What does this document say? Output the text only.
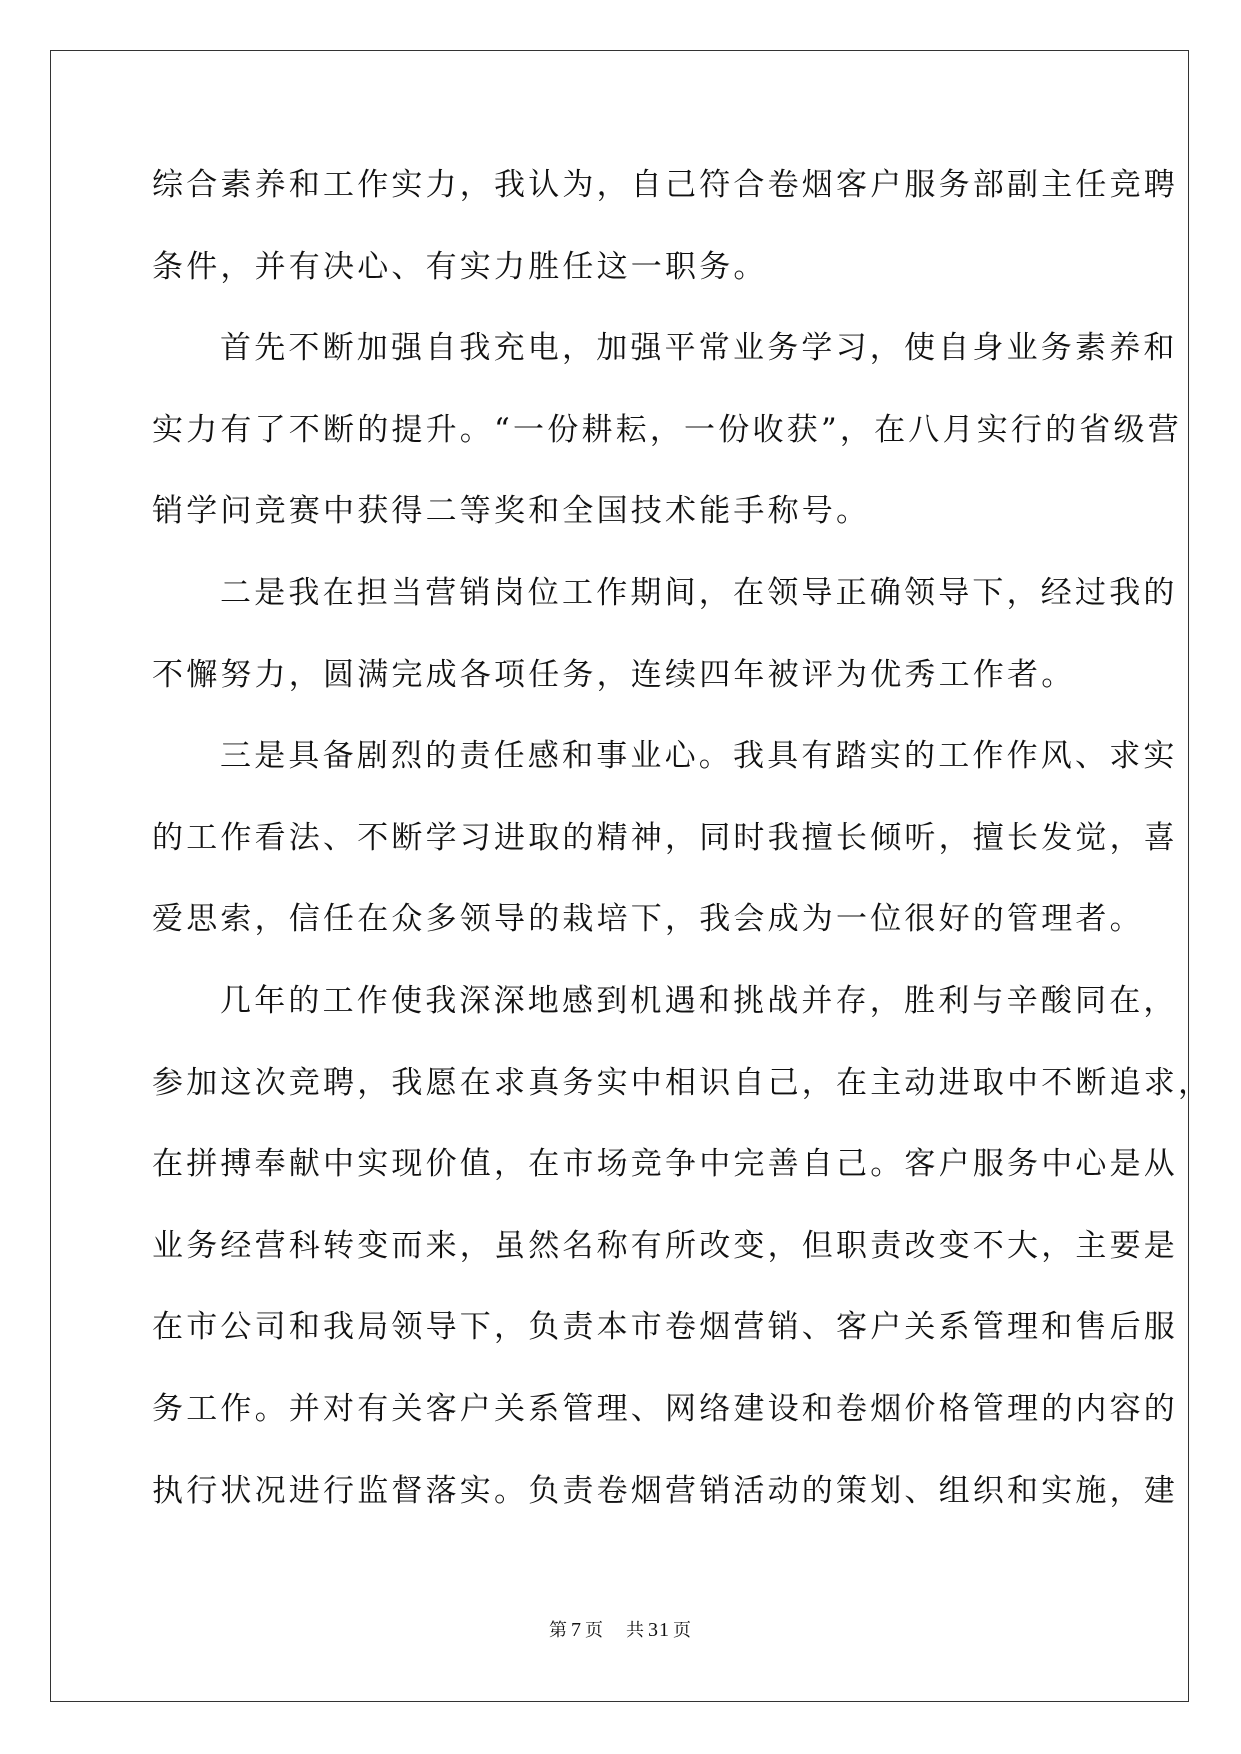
综合素养和工作实力，我认为，自己符合卷烟客户服务部副主任竞聘
条件，并有决心、有实力胜任这一职务。
首先不断加强自我充电，加强平常业务学习，使自身业务素养和
实力有了不断的提升。“一份耕耘，一份收获”，在八月实行的省级营
销学问竞赛中获得二等奖和全国技术能手称号。
二是我在担当营销岗位工作期间，在领导正确领导下，经过我的
不懈努力，圆满完成各项任务，连续四年被评为优秀工作者。
三是具备剧烈的责任感和事业心。我具有踏实的工作作风、求实
的工作看法、不断学习进取的精神，同时我擅长倾听，擅长发觉，喜
爱思索，信任在众多领导的栽培下，我会成为一位很好的管理者。
几年的工作使我深深地感到机遇和挑战并存，胜利与辛酸同在，
参加这次竞聘，我愿在求真务实中相识自己，在主动进取中不断追求，
在拼搏奉献中实现价值，在市场竞争中完善自己。客户服务中心是从
业务经营科转变而来，虽然名称有所改变，但职责改变不大，主要是
在市公司和我局领导下，负责本市卷烟营销、客户关系管理和售后服
务工作。并对有关客户关系管理、网络建设和卷烟价格管理的内容的
执行状况进行监督落实。负责卷烟营销活动的策划、组织和实施，建
第 7 页 共 31 页
